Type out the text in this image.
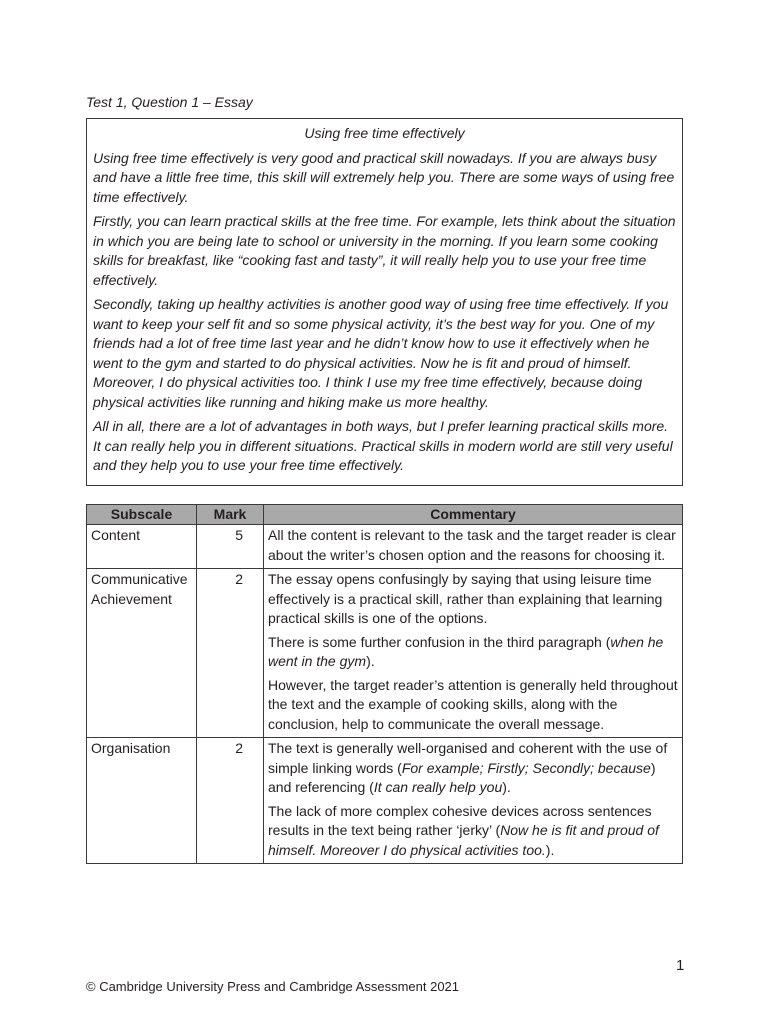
Test 1, Question 1 – Essay
Using free time effectively

Using free time effectively is very good and practical skill nowadays. If you are always busy and have a little free time, this skill will extremely help you. There are some ways of using free time effectively.

Firstly, you can learn practical skills at the free time. For example, lets think about the situation in which you are being late to school or university in the morning. If you learn some cooking skills for breakfast, like “cooking fast and tasty”, it will really help you to use your free time effectively.

Secondly, taking up healthy activities is another good way of using free time effectively. If you want to keep your self fit and so some physical activity, it’s the best way for you. One of my friends had a lot of free time last year and he didn’t know how to use it effectively when he went to the gym and started to do physical activities. Now he is fit and proud of himself. Moreover, I do physical activities too. I think I use my free time effectively, because doing physical activities like running and hiking make us more healthy.

All in all, there are a lot of advantages in both ways, but I prefer learning practical skills more. It can really help you in different situations. Practical skills in modern world are still very useful and they help you to use your free time effectively.

Subscale	Mark	Commentary
Content	5	All the content is relevant to the task and the target reader is clear about the writer’s chosen option and the reasons for choosing it.

Communicative Achievement	2	The essay opens confusingly by saying that using leisure time effectively is a practical skill, rather than explaining that learning practical skills is one of the options.

There is some further confusion in the third paragraph (when he went in the gym).

However, the target reader’s attention is generally held throughout the text and the example of cooking skills, along with the conclusion, help to communicate the overall message.

Organisation	2	The text is generally well-organised and coherent with the use of simple linking words (For example; Firstly; Secondly; because) and referencing (It can really help you).

The lack of more complex cohesive devices across sentences results in the text being rather ‘jerky’ (Now he is fit and proud of himself. Moreover I do physical activities too.).

1
© Cambridge University Press and Cambridge Assessment 2021
